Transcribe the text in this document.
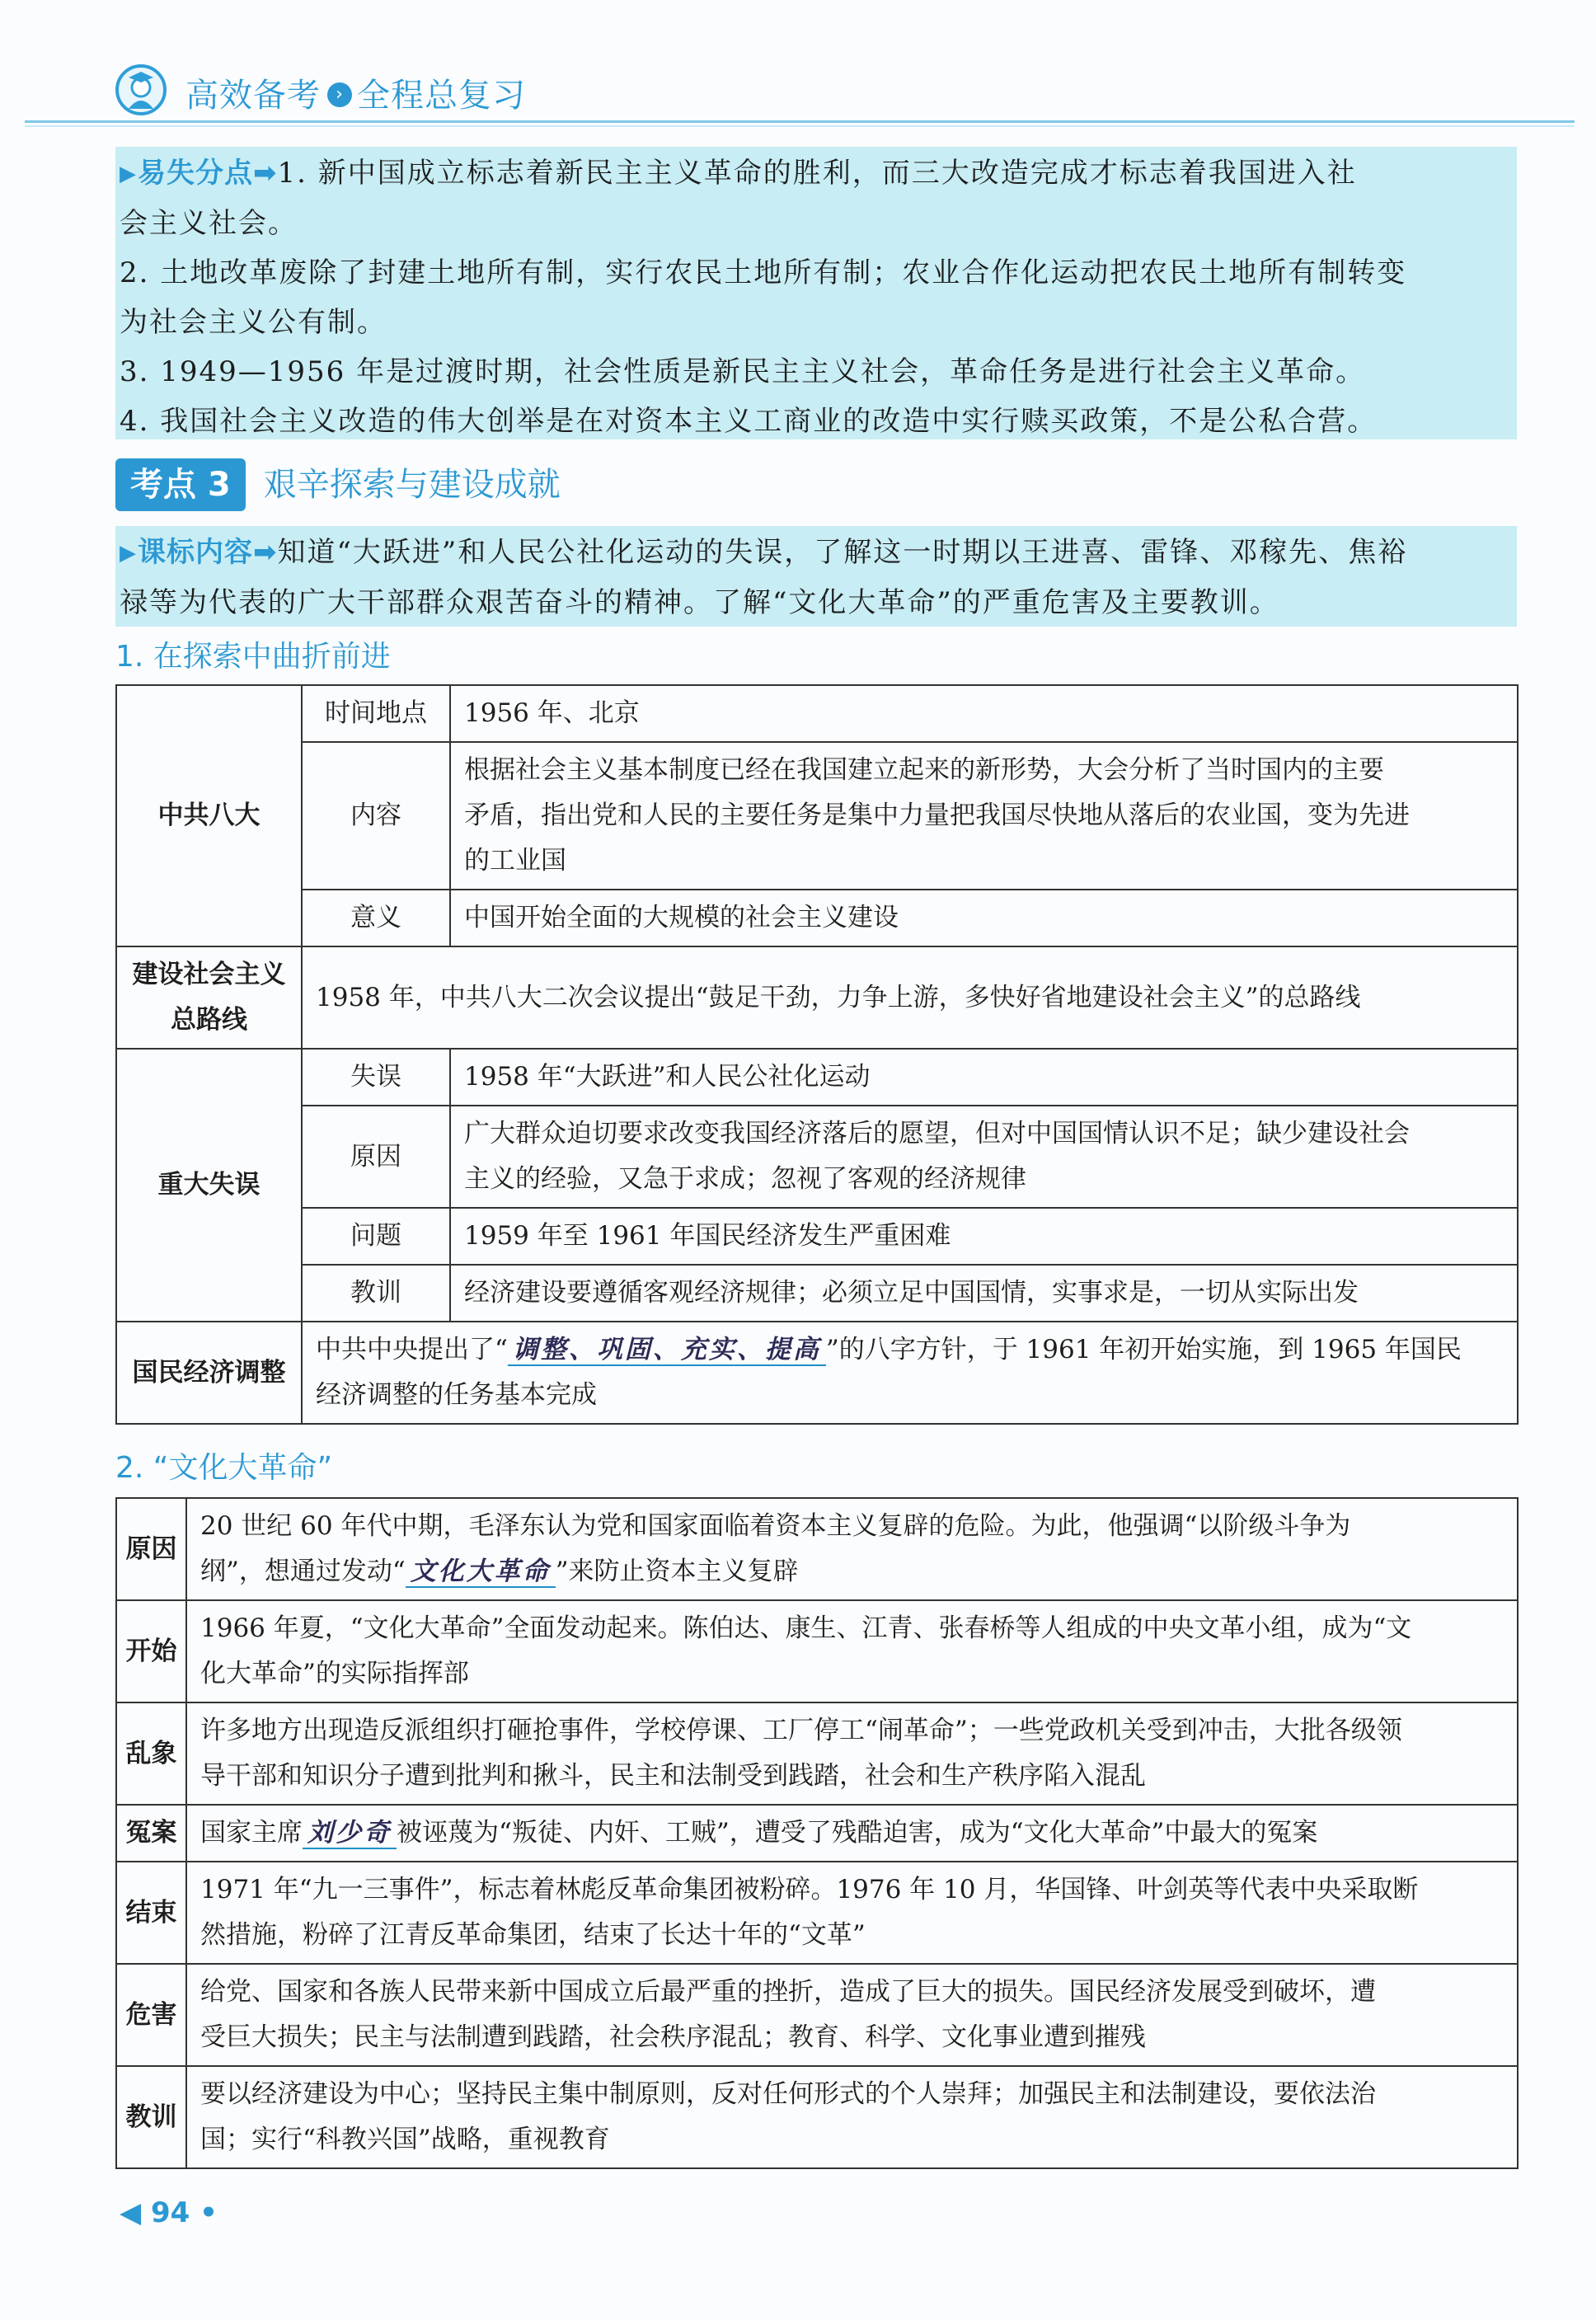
高效备考 › 全程总复习
▶易失分点➡1. 新中国成立标志着新民主主义革命的胜利，而三大改造完成才标志着我国进入社
会主义社会。
2. 土地改革废除了封建土地所有制，实行农民土地所有制；农业合作化运动把农民土地所有制转变
为社会主义公有制。
3. 1949—1956 年是过渡时期，社会性质是新民主主义社会，革命任务是进行社会主义革命。
4. 我国社会主义改造的伟大创举是在对资本主义工商业的改造中实行赎买政策，不是公私合营。
考点 3 艰辛探索与建设成就
▶课标内容➡知道“大跃进”和人民公社化运动的失误，了解这一时期以王进喜、雷锋、邓稼先、焦裕
禄等为代表的广大干部群众艰苦奋斗的精神。了解“文化大革命”的严重危害及主要教训。
1. 在探索中曲折前进
中共八大	时间地点	1956 年、北京
	内容	根据社会主义基本制度已经在我国建立起来的新形势，大会分析了当时国内的主要
矛盾，指出党和人民的主要任务是集中力量把我国尽快地从落后的农业国，变为先进
的工业国

	意义	中国开始全面的大规模的社会主义建设

建设社会主义
总路线	1958 年，中共八大二次会议提出“鼓足干劲，力争上游，多快好省地建设社会主义”的总路线	
重大失误	失误	1958 年“大跃进”和人民公社化运动
	原因	广大群众迫切要求改变我国经济落后的愿望，但对中国国情认识不足；缺少建设社会
主义的经验，又急于求成；忽视了客观的经济规律

	问题	1959 年至 1961 年国民经济发生严重困难
	教训	经济建设要遵循客观经济规律；必须立足中国国情，实事求是，一切从实际出发
国民经济调整	中共中央提出了“ 调整、巩固、充实、提高 ”的八字方针，于 1961 年初开始实施，到 1965 年国民
经济调整的任务基本完成	
2. “文化大革命”
原因	20 世纪 60 年代中期，毛泽东认为党和国家面临着资本主义复辟的危险。为此，他强调“以阶级斗争为
纲”，想通过发动“ 文化大革命 ”来防止资本主义复辟

开始	1966 年夏，“文化大革命”全面发动起来。陈伯达、康生、江青、张春桥等人组成的中央文革小组，成为“文
化大革命”的实际指挥部

乱象	许多地方出现造反派组织打砸抢事件，学校停课、工厂停工“闹革命”；一些党政机关受到冲击，大批各级领
导干部和知识分子遭到批判和揪斗，民主和法制受到践踏，社会和生产秩序陷入混乱

冤案	国家主席 刘少奇 被诬蔑为“叛徒、内奸、工贼”，遭受了残酷迫害，成为“文化大革命”中最大的冤案
结束	1971 年“九一三事件”，标志着林彪反革命集团被粉碎。1976 年 10 月，华国锋、叶剑英等代表中央采取断
然措施，粉碎了江青反革命集团，结束了长达十年的“文革”

危害	给党、国家和各族人民带来新中国成立后最严重的挫折，造成了巨大的损失。国民经济发展受到破坏，遭
受巨大损失；民主与法制遭到践踏，社会秩序混乱；教育、科学、文化事业遭到摧残

教训	要以经济建设为中心；坚持民主集中制原则，反对任何形式的个人崇拜；加强民主和法制建设，要依法治
国；实行“科教兴国”战略，重视教育
◀ 94 •
